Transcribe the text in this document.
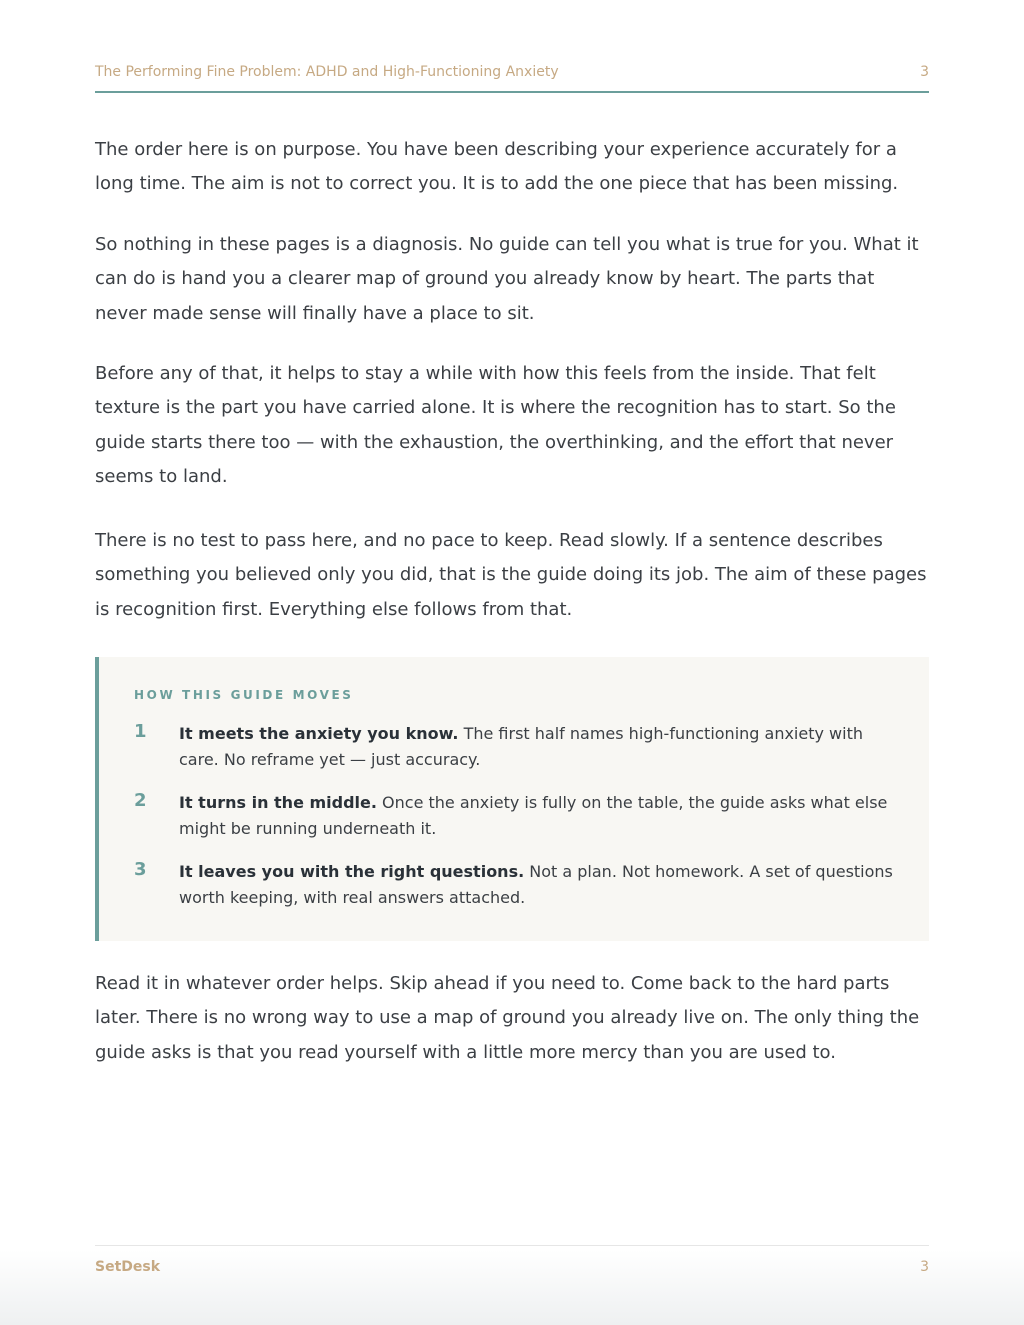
The Performing Fine Problem: ADHD and High-Functioning Anxiety	3

The order here is on purpose. You have been describing your experience accurately for a long time. The aim is not to correct you. It is to add the one piece that has been missing.

So nothing in these pages is a diagnosis. No guide can tell you what is true for you. What it can do is hand you a clearer map of ground you already know by heart. The parts that never made sense will finally have a place to sit.

Before any of that, it helps to stay a while with how this feels from the inside. That felt texture is the part you have carried alone. It is where the recognition has to start. So the guide starts there too — with the exhaustion, the overthinking, and the effort that never seems to land.

There is no test to pass here, and no pace to keep. Read slowly. If a sentence describes something you believed only you did, that is the guide doing its job. The aim of these pages is recognition first. Everything else follows from that.

HOW THIS GUIDE MOVES
1 It meets the anxiety you know. The first half names high-functioning anxiety with care. No reframe yet — just accuracy.
2 It turns in the middle. Once the anxiety is fully on the table, the guide asks what else might be running underneath it.
3 It leaves you with the right questions. Not a plan. Not homework. A set of questions worth keeping, with real answers attached.

Read it in whatever order helps. Skip ahead if you need to. Come back to the hard parts later. There is no wrong way to use a map of ground you already live on. The only thing the guide asks is that you read yourself with a little more mercy than you are used to.

SetDesk	3
